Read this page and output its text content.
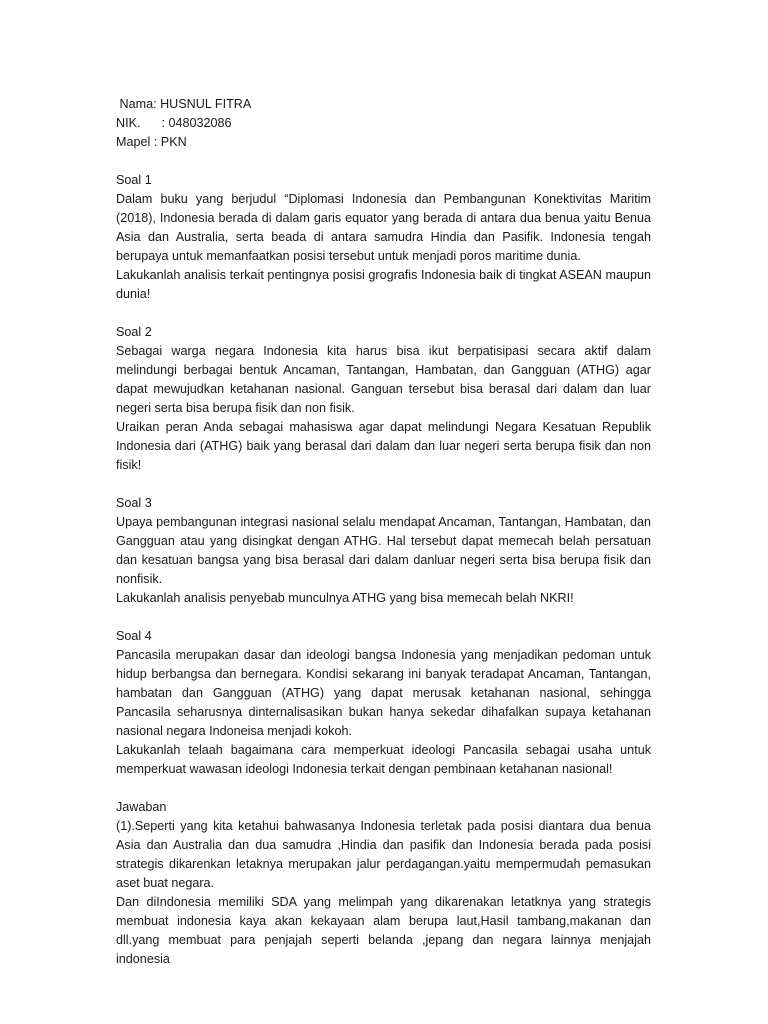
Nama: HUSNUL FITRA
NIK.      : 048032086
Mapel : PKN
Soal 1

Dalam buku yang berjudul “Diplomasi Indonesia dan Pembangunan Konektivitas Maritim (2018), Indonesia berada di dalam garis equator yang berada di antara dua benua yaitu Benua Asia dan Australia, serta beada di antara samudra Hindia dan Pasifik. Indonesia tengah berupaya untuk memanfaatkan posisi tersebut untuk menjadi poros maritime dunia.

Lakukanlah analisis terkait pentingnya posisi grografis Indonesia baik di tingkat ASEAN maupun dunia!

Soal 2

Sebagai warga negara Indonesia kita harus bisa ikut berpatisipasi secara aktif dalam melindungi berbagai bentuk Ancaman, Tantangan, Hambatan, dan Gangguan (ATHG) agar dapat mewujudkan ketahanan nasional. Ganguan tersebut bisa berasal dari dalam dan luar negeri serta bisa berupa fisik dan non fisik.

Uraikan peran Anda sebagai mahasiswa agar dapat melindungi Negara Kesatuan Republik Indonesia dari (ATHG) baik yang berasal dari dalam dan luar negeri serta berupa fisik dan non fisik!

Soal 3

Upaya pembangunan integrasi nasional selalu mendapat Ancaman, Tantangan, Hambatan, dan Gangguan atau yang disingkat dengan ATHG. Hal tersebut dapat memecah belah persatuan dan kesatuan bangsa yang bisa berasal dari dalam danluar negeri serta bisa berupa fisik dan nonfisik.

Lakukanlah analisis penyebab munculnya ATHG yang bisa memecah belah NKRI!

Soal 4

Pancasila merupakan dasar dan ideologi bangsa Indonesia yang menjadikan pedoman untuk hidup berbangsa dan bernegara. Kondisi sekarang ini banyak teradapat Ancaman, Tantangan, hambatan dan Gangguan (ATHG) yang dapat merusak ketahanan nasional, sehingga Pancasila seharusnya dinternalisasikan bukan hanya sekedar dihafalkan supaya ketahanan nasional negara Indoneisa menjadi kokoh.

Lakukanlah telaah bagaimana cara memperkuat ideologi Pancasila sebagai usaha untuk memperkuat wawasan ideologi Indonesia terkait dengan pembinaan ketahanan nasional!

Jawaban

(1).Seperti yang kita ketahui bahwasanya Indonesia terletak pada posisi diantara dua benua Asia dan Australia dan dua samudra ,Hindia dan pasifik dan Indonesia berada pada posisi strategis dikarenkan letaknya merupakan jalur perdagangan.yaitu mempermudah pemasukan aset buat negara.

Dan diIndonesia memiliki SDA yang melimpah yang dikarenakan letatknya yang strategis membuat indonesia kaya akan kekayaan alam berupa laut,Hasil tambang,makanan dan dll.yang membuat para penjajah seperti belanda ,jepang dan negara lainnya menjajah indonesia
